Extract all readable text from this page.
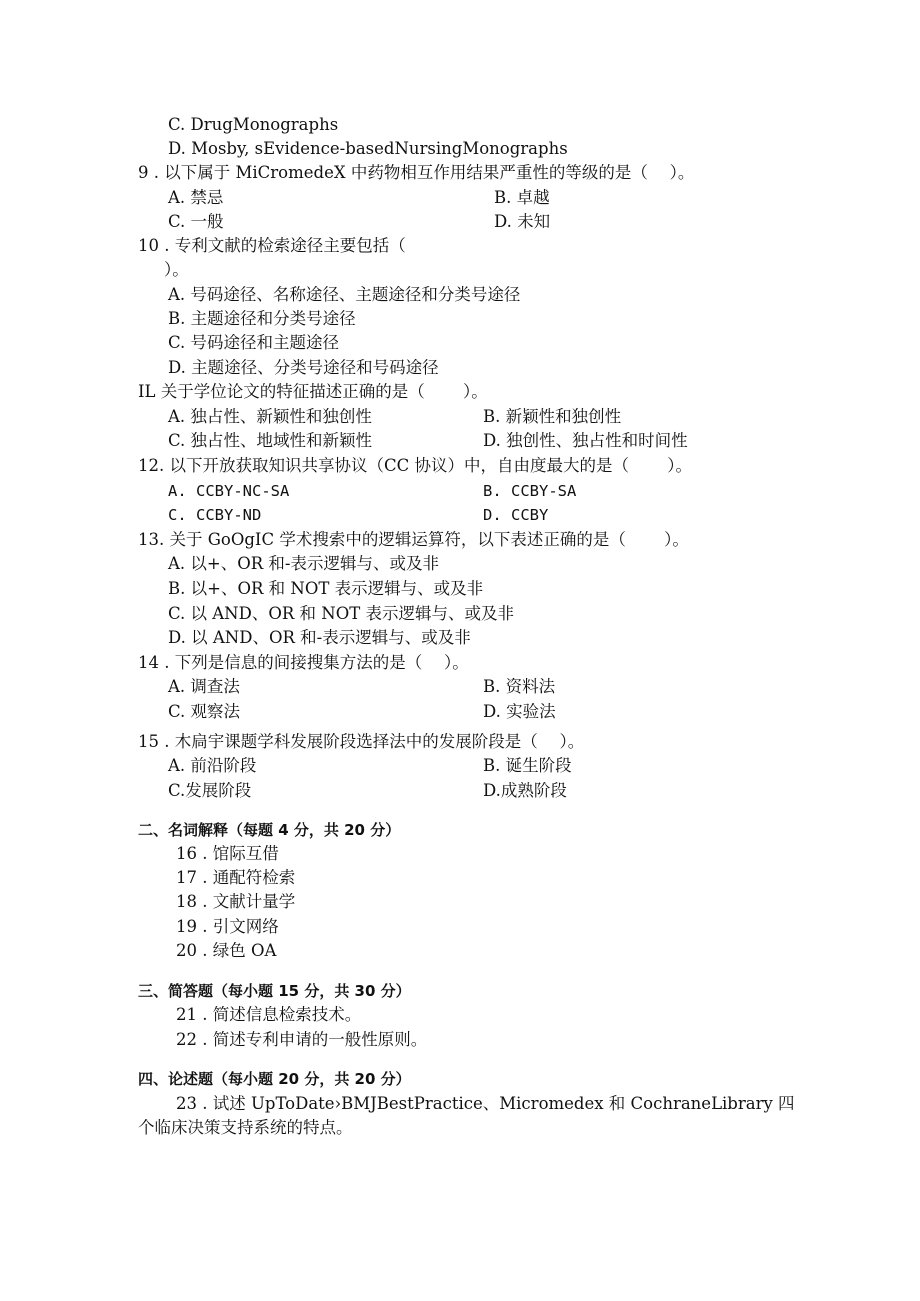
C. DrugMonographs
D. Mosby, sEvidence-basedNursingMonographs
9 . 以下属于 MiCromedeX 中药物相互作用结果严重性的等级的是（　 ）。
A. 禁忌	B. 卓越
C. 一般	D. 未知
10 . 专利文献的检索途径主要包括（
）。
A. 号码途径、名称途径、主题途径和分类号途径
B. 主题途径和分类号途径
C. 号码途径和主题途径
D. 主题途径、分类号途径和号码途径
IL 关于学位论文的特征描述正确的是（　　 ）。
A. 独占性、新颖性和独创性	B. 新颖性和独创性
C. 独占性、地域性和新颖性	D. 独创性、独占性和时间性
12. 以下开放获取知识共享协议（CC 协议）中，自由度最大的是（　　 ）。
A. CCBY-NC-SA	B. CCBY-SA
C. CCBY-ND	D. CCBY
13. 关于 GoOgIC 学术搜索中的逻辑运算符，以下表述正确的是（　　 ）。
A. 以+、OR 和-表示逻辑与、或及非
B. 以+、OR 和 NOT 表示逻辑与、或及非
C. 以 AND、OR 和 NOT 表示逻辑与、或及非
D. 以 AND、OR 和-表示逻辑与、或及非
14 . 下列是信息的间接搜集方法的是（　 ）。
A. 调查法	B. 资料法
C. 观察法	D. 实验法
15 . 木扃宇课题学科发展阶段选择法中的发展阶段是（　 ）。
A. 前沿阶段	B. 诞生阶段
C.发展阶段	D.成熟阶段
二、名词解释（每题 4 分，共 20 分）
16 . 馆际互借
17 . 通配符检索
18 . 文献计量学
19 . 引文网络
20 . 绿色 OA
三、简答题（每小题 15 分，共 30 分）
21 . 简述信息检索技术。
22 . 简述专利申请的一般性原则。
四、论述题（每小题 20 分，共 20 分）
23 . 试述 UpToDate›BMJBestPractice、Micromedex 和 CochraneLibrary 四
个临床决策支持系统的特点。
